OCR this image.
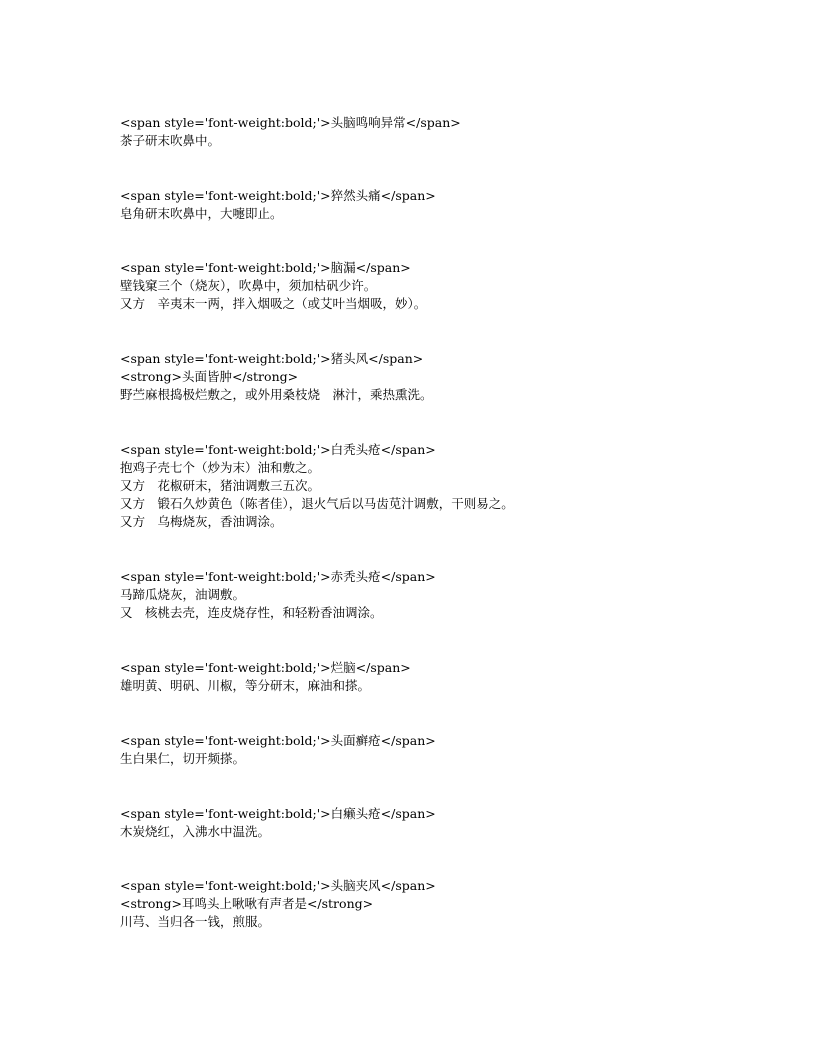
<span style='font-weight:bold;'>头脑鸣响异常</span>
茶子研末吹鼻中。
<span style='font-weight:bold;'>猝然头痛</span>
皂角研末吹鼻中，大嚏即止。
<span style='font-weight:bold;'>脑漏</span>
壁钱窠三个（烧灰），吹鼻中，须加枯矾少许。
又方　辛夷末一两，拌入烟吸之（或艾叶当烟吸，妙）。
<span style='font-weight:bold;'>猪头风</span>
<strong>头面皆肿</strong>
野苎麻根捣极烂敷之，或外用桑枝烧　淋汁，乘热熏洗。
<span style='font-weight:bold;'>白秃头疮</span>
抱鸡子壳七个（炒为末）油和敷之。
又方　花椒研末，猪油调敷三五次。
又方　锻石久炒黄色（陈者佳），退火气后以马齿苋汁调敷，干则易之。
又方　乌梅烧灰，香油调涂。
<span style='font-weight:bold;'>赤秃头疮</span>
马蹄瓜烧灰，油调敷。
又　核桃去壳，连皮烧存性，和轻粉香油调涂。
<span style='font-weight:bold;'>烂脑</span>
雄明黄、明矾、川椒，等分研末，麻油和搽。
<span style='font-weight:bold;'>头面癣疮</span>
生白果仁，切开频搽。
<span style='font-weight:bold;'>白癞头疮</span>
木炭烧红，入沸水中温洗。
<span style='font-weight:bold;'>头脑夹风</span>
<strong>耳鸣头上啾啾有声者是</strong>
川芎、当归各一钱，煎服。
